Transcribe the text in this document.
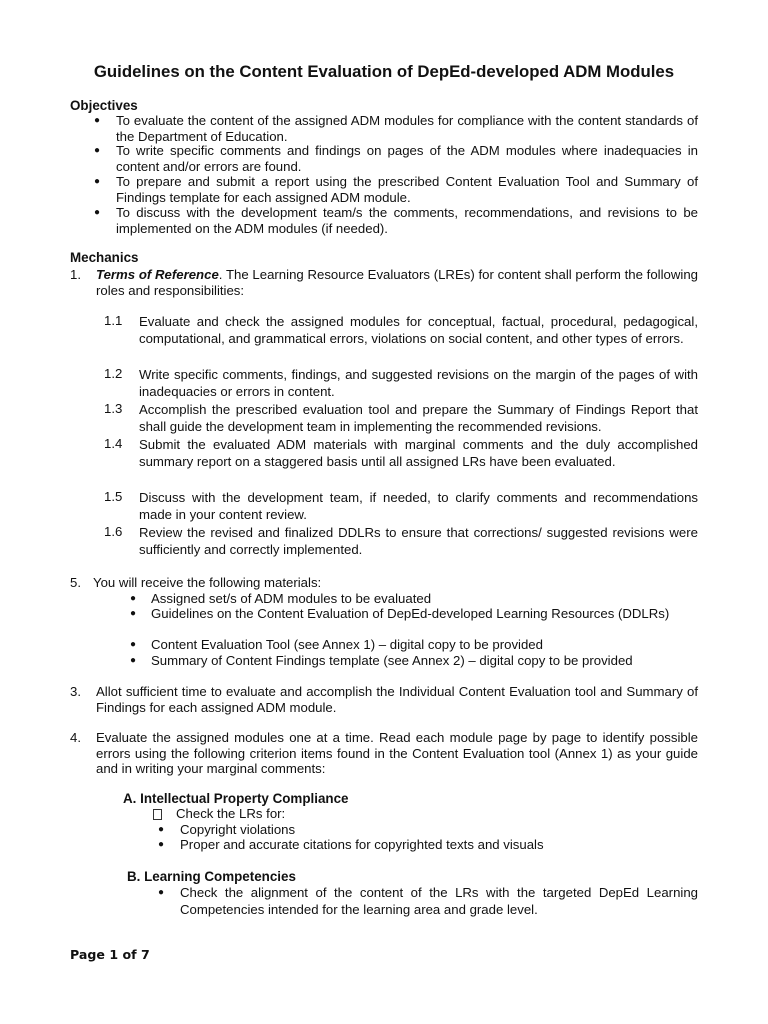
Guidelines on the Content Evaluation of DepEd-developed ADM Modules
Objectives
● To evaluate the content of the assigned ADM modules for compliance with the content standards of the Department of Education.
● To write specific comments and findings on pages of the ADM modules where inadequacies in content and/or errors are found.
● To prepare and submit a report using the prescribed Content Evaluation Tool and Summary of Findings template for each assigned ADM module.
● To discuss with the development team/s the comments, recommendations, and revisions to be implemented on the ADM modules (if needed).
Mechanics
1. Terms of Reference. The Learning Resource Evaluators (LREs) for content shall perform the following roles and responsibilities:
1.1 Evaluate and check the assigned modules for conceptual, factual, procedural, pedagogical, computational, and grammatical errors, violations on social content, and other types of errors.
1.2 Write specific comments, findings, and suggested revisions on the margin of the pages of with inadequacies or errors in content.
1.3 Accomplish the prescribed evaluation tool and prepare the Summary of Findings Report that shall guide the development team in implementing the recommended revisions.
1.4 Submit the evaluated ADM materials with marginal comments and the duly accomplished summary report on a staggered basis until all assigned LRs have been evaluated.
1.5 Discuss with the development team, if needed, to clarify comments and recommendations made in your content review.
1.6 Review the revised and finalized DDLRs to ensure that corrections/ suggested revisions were sufficiently and correctly implemented.
5. You will receive the following materials:
● Assigned set/s of ADM modules to be evaluated
● Guidelines on the Content Evaluation of DepEd-developed Learning Resources (DDLRs)
● Content Evaluation Tool (see Annex 1) – digital copy to be provided
● Summary of Content Findings template (see Annex 2) – digital copy to be provided
3. Allot sufficient time to evaluate and accomplish the Individual Content Evaluation tool and Summary of Findings for each assigned ADM module.
4. Evaluate the assigned modules one at a time. Read each module page by page to identify possible errors using the following criterion items found in the Content Evaluation tool (Annex 1) as your guide and in writing your marginal comments:
A. Intellectual Property Compliance
Check the LRs for:
● Copyright violations
● Proper and accurate citations for copyrighted texts and visuals
B. Learning Competencies
● Check the alignment of the content of the LRs with the targeted DepEd Learning Competencies intended for the learning area and grade level.
Page 1 of 7
